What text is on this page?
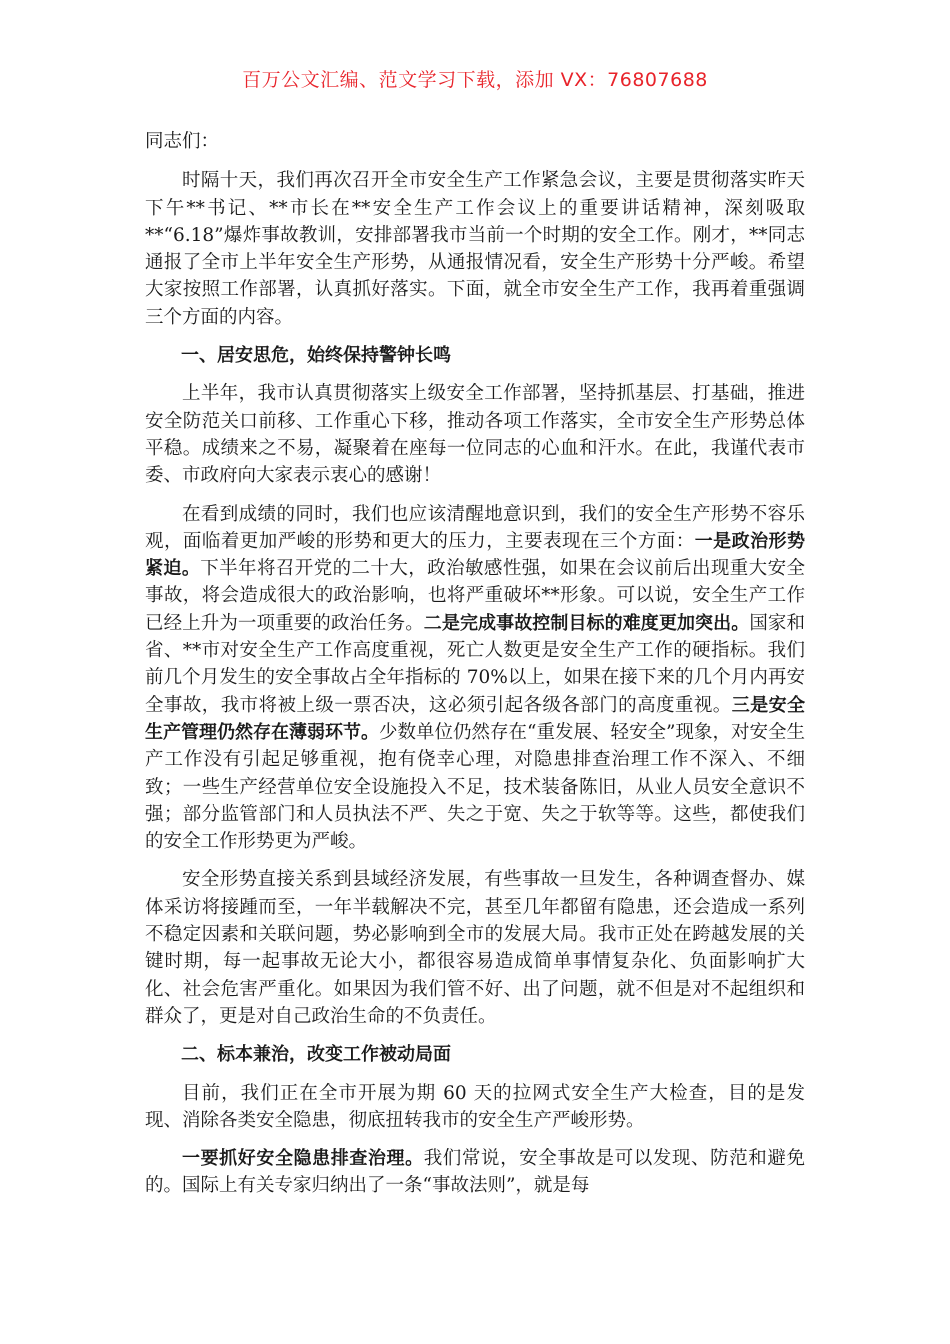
百万公文汇编、范文学习下载，添加 VX：76807688

同志们：

时隔十天，我们再次召开全市安全生产工作紧急会议，主要是贯彻落实昨天下午**书记、**市长在**安全生产工作会议上的重要讲话精神，深刻吸取**“6.18”爆炸事故教训，安排部署我市当前一个时期的安全工作。刚才，**同志通报了全市上半年安全生产形势，从通报情况看，安全生产形势十分严峻。希望大家按照工作部署，认真抓好落实。下面，就全市安全生产工作，我再着重强调三个方面的内容。

一、居安思危，始终保持警钟长鸣

上半年，我市认真贯彻落实上级安全工作部署，坚持抓基层、打基础，推进安全防范关口前移、工作重心下移，推动各项工作落实，全市安全生产形势总体平稳。成绩来之不易，凝聚着在座每一位同志的心血和汗水。在此，我谨代表市委、市政府向大家表示衷心的感谢！

在看到成绩的同时，我们也应该清醒地意识到，我们的安全生产形势不容乐观，面临着更加严峻的形势和更大的压力，主要表现在三个方面：一是政治形势紧迫。下半年将召开党的二十大，政治敏感性强，如果在会议前后出现重大安全事故，将会造成很大的政治影响，也将严重破坏**形象。可以说，安全生产工作已经上升为一项重要的政治任务。二是完成事故控制目标的难度更加突出。国家和省、**市对安全生产工作高度重视，死亡人数更是安全生产工作的硬指标。我们前几个月发生的安全事故占全年指标的 70%以上，如果在接下来的几个月内再安全事故，我市将被上级一票否决，这必须引起各级各部门的高度重视。三是安全生产管理仍然存在薄弱环节。少数单位仍然存在“重发展、轻安全”现象，对安全生产工作没有引起足够重视，抱有侥幸心理，对隐患排查治理工作不深入、不细致；一些生产经营单位安全设施投入不足，技术装备陈旧，从业人员安全意识不强；部分监管部门和人员执法不严、失之于宽、失之于软等等。这些，都使我们的安全工作形势更为严峻。

安全形势直接关系到县域经济发展，有些事故一旦发生，各种调查督办、媒体采访将接踵而至，一年半载解决不完，甚至几年都留有隐患，还会造成一系列不稳定因素和关联问题，势必影响到全市的发展大局。我市正处在跨越发展的关键时期，每一起事故无论大小，都很容易造成简单事情复杂化、负面影响扩大化、社会危害严重化。如果因为我们管不好、出了问题，就不但是对不起组织和群众了，更是对自己政治生命的不负责任。

二、标本兼治，改变工作被动局面

目前，我们正在全市开展为期 60 天的拉网式安全生产大检查，目的是发现、消除各类安全隐患，彻底扭转我市的安全生产严峻形势。

一要抓好安全隐患排查治理。我们常说，安全事故是可以发现、防范和避免的。国际上有关专家归纳出了一条“事故法则”，就是每
